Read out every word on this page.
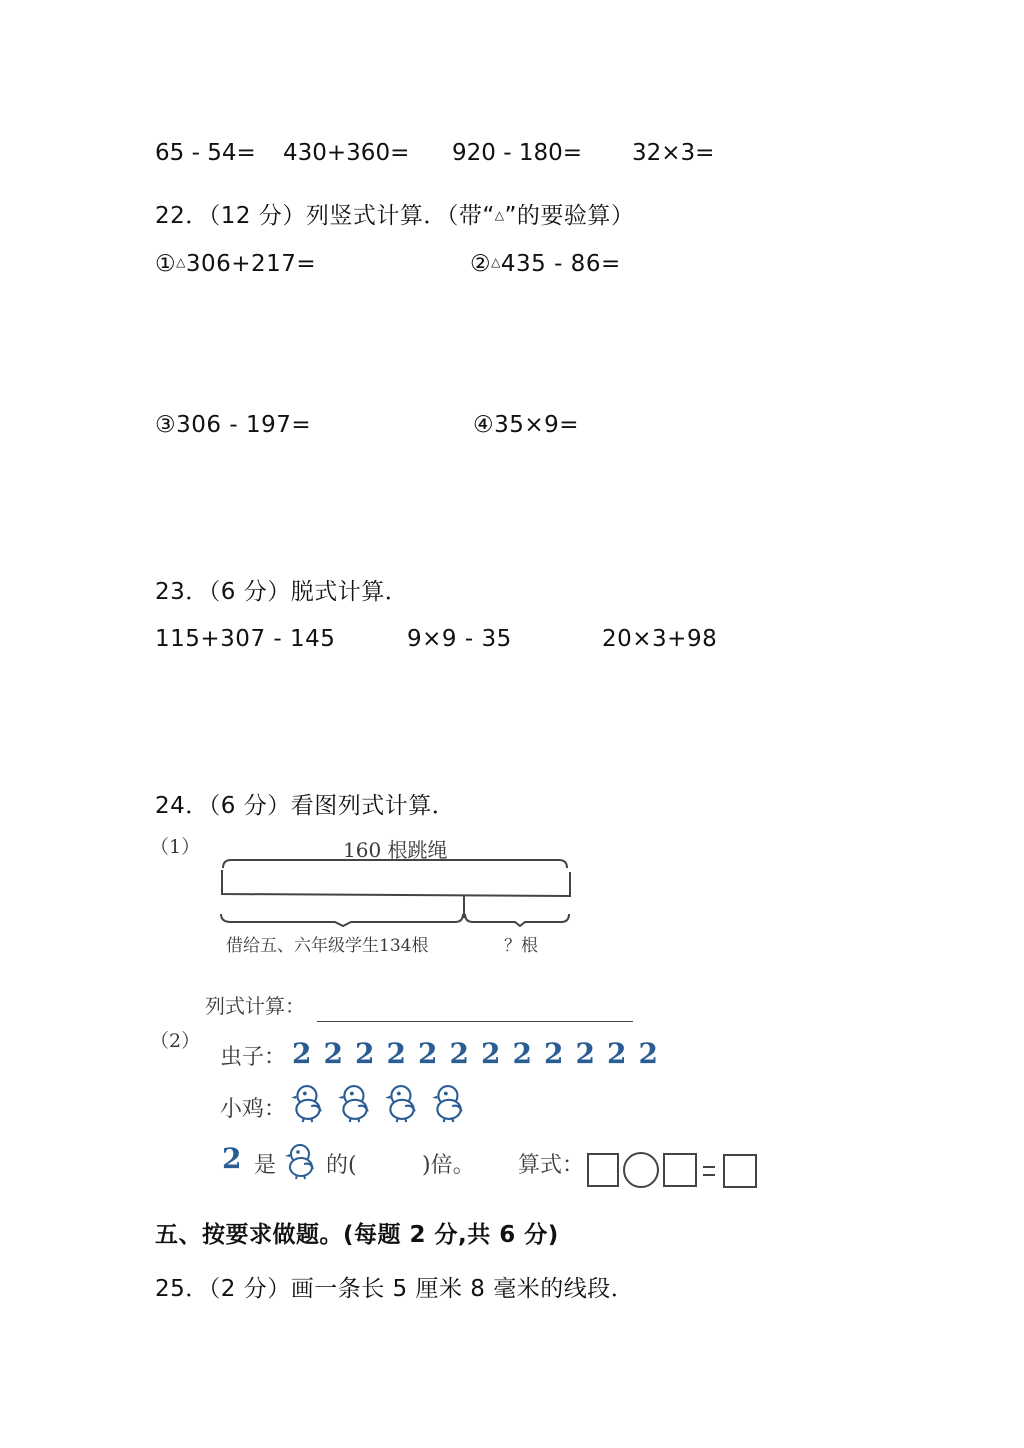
65 - 54= 430+360= 920 - 180= 32×3=
22．（12 分）列竖式计算．（带“△”的要验算）
①△306+217=	②△435 - 86=
③306 - 197=	④35×9=
23．（6 分）脱式计算．
115+307 - 145	9×9 - 35	20×3+98
24．（6 分）看图列式计算．
（1）	160 根跳绳
借给五、六年级学生134根	？根
列式计算：
（2）
虫子： 2 2 2 2 2 2 2 2 2 2 2 2
小鸡：
2 是 的(	)倍。 算式：
五、按要求做题。(每题 2 分,共 6 分)
25．（2 分）画一条长 5 厘米 8 毫米的线段．
